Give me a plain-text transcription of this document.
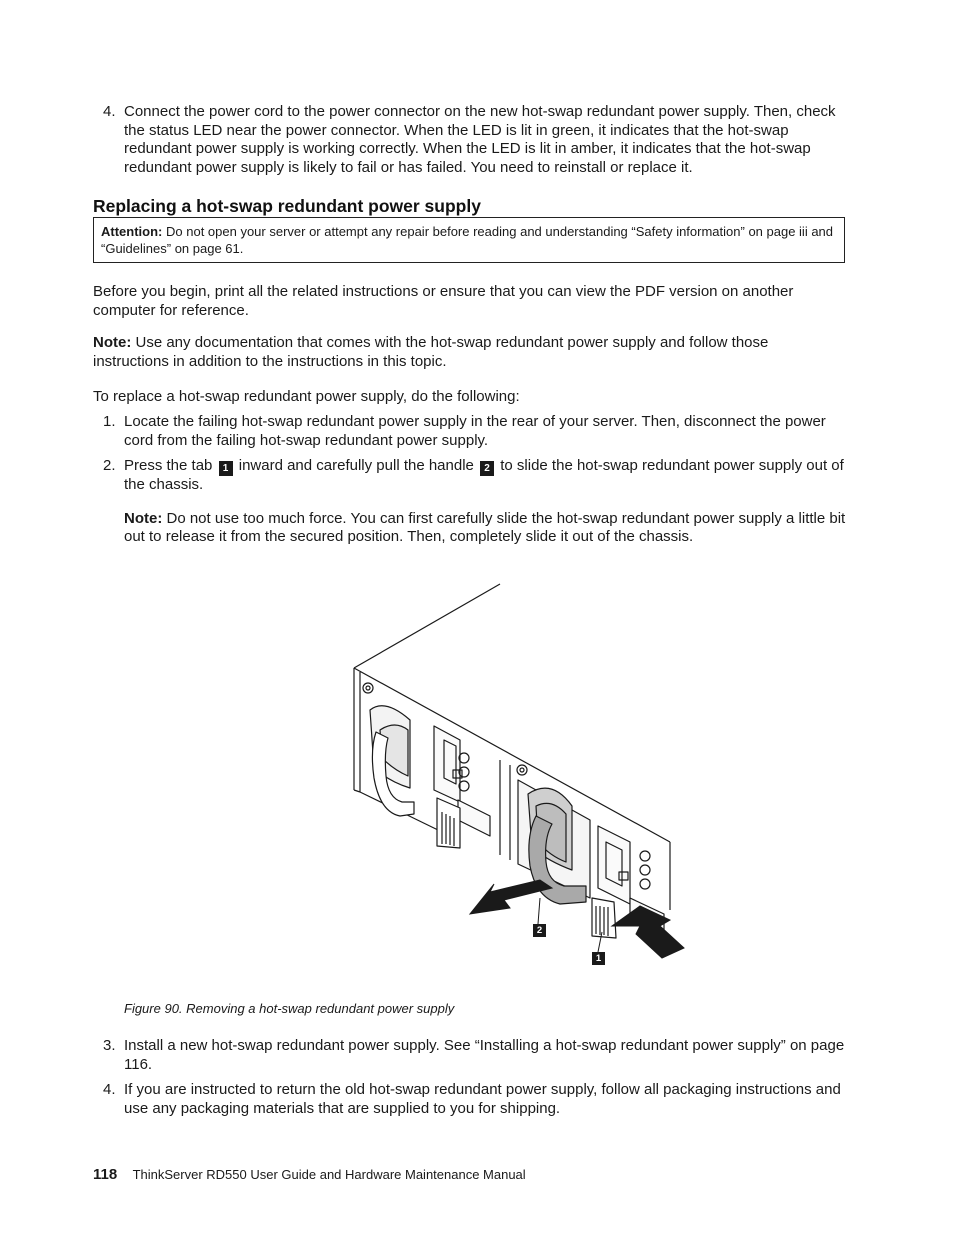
4. Connect the power cord to the power connector on the new hot-swap redundant power supply. Then, check the status LED near the power connector. When the LED is lit in green, it indicates that the hot-swap redundant power supply is working correctly. When the LED is lit in amber, it indicates that the hot-swap redundant power supply is likely to fail or has failed. You need to reinstall or replace it.

Replacing a hot-swap redundant power supply
Attention: Do not open your server or attempt any repair before reading and understanding “Safety information” on page iii and “Guidelines” on page 61.

Before you begin, print all the related instructions or ensure that you can view the PDF version on another computer for reference.

Note: Use any documentation that comes with the hot-swap redundant power supply and follow those instructions in addition to the instructions in this topic.

To replace a hot-swap redundant power supply, do the following:

1. Locate the failing hot-swap redundant power supply in the rear of your server. Then, disconnect the power cord from the failing hot-swap redundant power supply.

2. Press the tab 1 inward and carefully pull the handle 2 to slide the hot-swap redundant power supply out of the chassis.

Note: Do not use too much force. You can first carefully slide the hot-swap redundant power supply a little bit out to release it from the secured position. Then, completely slide it out of the chassis.

2
1
Figure 90. Removing a hot-swap redundant power supply
3. Install a new hot-swap redundant power supply. See “Installing a hot-swap redundant power supply” on page 116.

4. If you are instructed to return the old hot-swap redundant power supply, follow all packaging instructions and use any packaging materials that are supplied to you for shipping.

118 ThinkServer RD550 User Guide and Hardware Maintenance Manual
